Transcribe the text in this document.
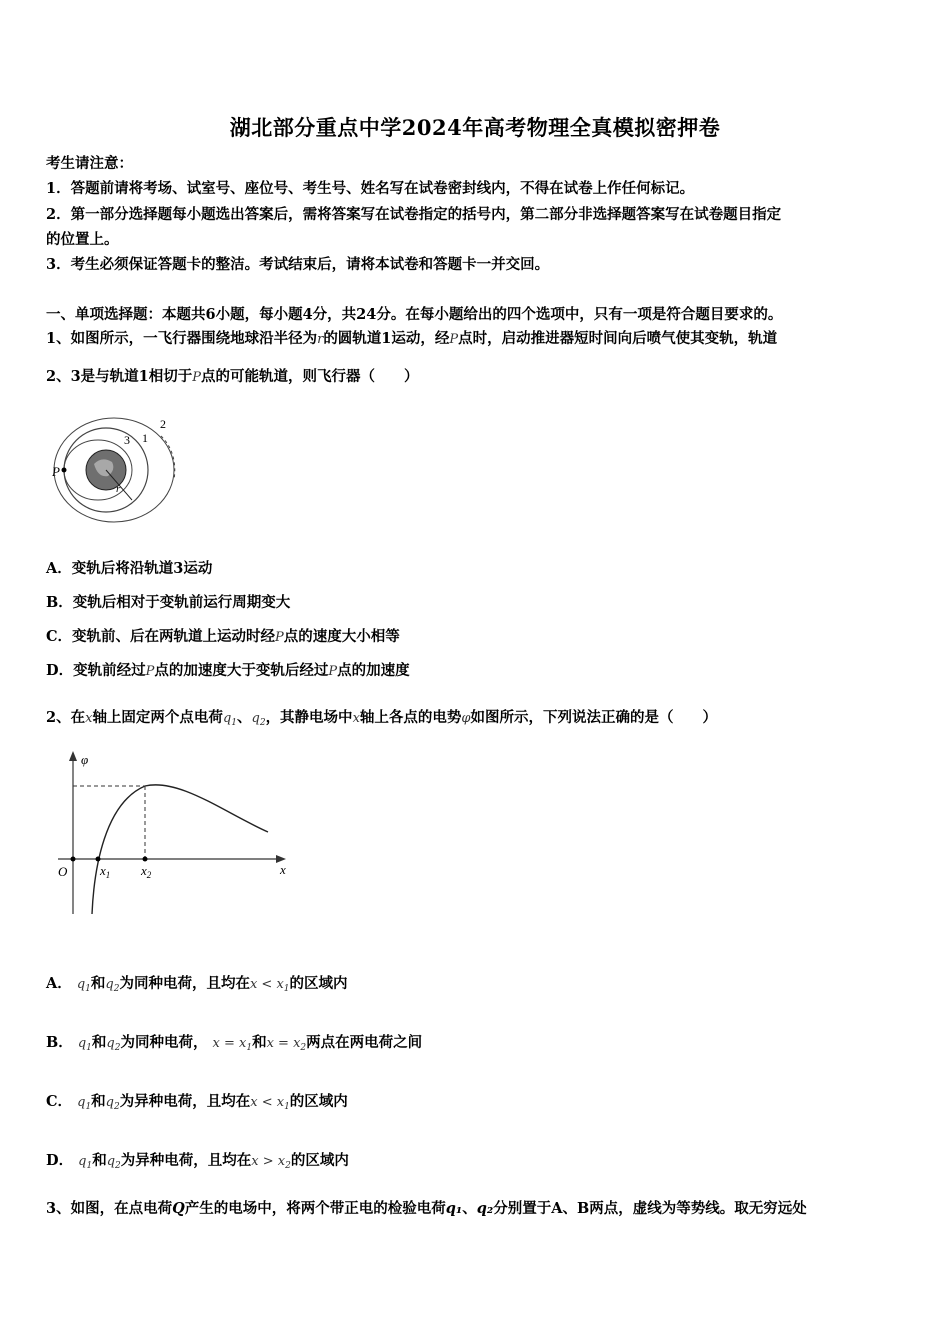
湖北部分重点中学2024年高考物理全真模拟密押卷
考生请注意：
1．答题前请将考场、试室号、座位号、考生号、姓名写在试卷密封线内，不得在试卷上作任何标记。
2．第一部分选择题每小题选出答案后，需将答案写在试卷指定的括号内，第二部分非选择题答案写在试卷题目指定
的位置上。
3．考生必须保证答题卡的整洁。考试结束后，请将本试卷和答题卡一并交回。
一、单项选择题：本题共6小题，每小题4分，共24分。在每小题给出的四个选项中，只有一项是符合题目要求的。
1、如图所示，一飞行器围绕地球沿半径为r的圆轨道1运动，经P点时，启动推进器短时间向后喷气使其变轨，轨道
2、3是与轨道1相切于P点的可能轨道，则飞行器（　　）
P
1
2
3
r
A．变轨后将沿轨道3运动
B．变轨后相对于变轨前运行周期变大
C．变轨前、后在两轨道上运动时经P点的速度大小相等
D．变轨前经过P点的加速度大于变轨后经过P点的加速度
2、在x轴上固定两个点电荷$q_1$、$q_2$，其静电场中x轴上各点的电势φ如图所示，下列说法正确的是（　　）
φ
x
O	$x_1$ $x_2$
A． $q_1$和$q_2$为同种电荷，且均在$x < x_1$的区域内
B． $q_1$和$q_2$为同种电荷， $x = x_1$和$x = x_2$两点在两电荷之间
C． $q_1$和$q_2$为异种电荷，且均在$x < x_1$的区域内
D． $q_1$和$q_2$为异种电荷，且均在$x > x_2$的区域内
3、如图，在点电荷Q产生的电场中，将两个带正电的检验电荷q₁、q₂分别置于A、B两点，虚线为等势线。取无穷远处
